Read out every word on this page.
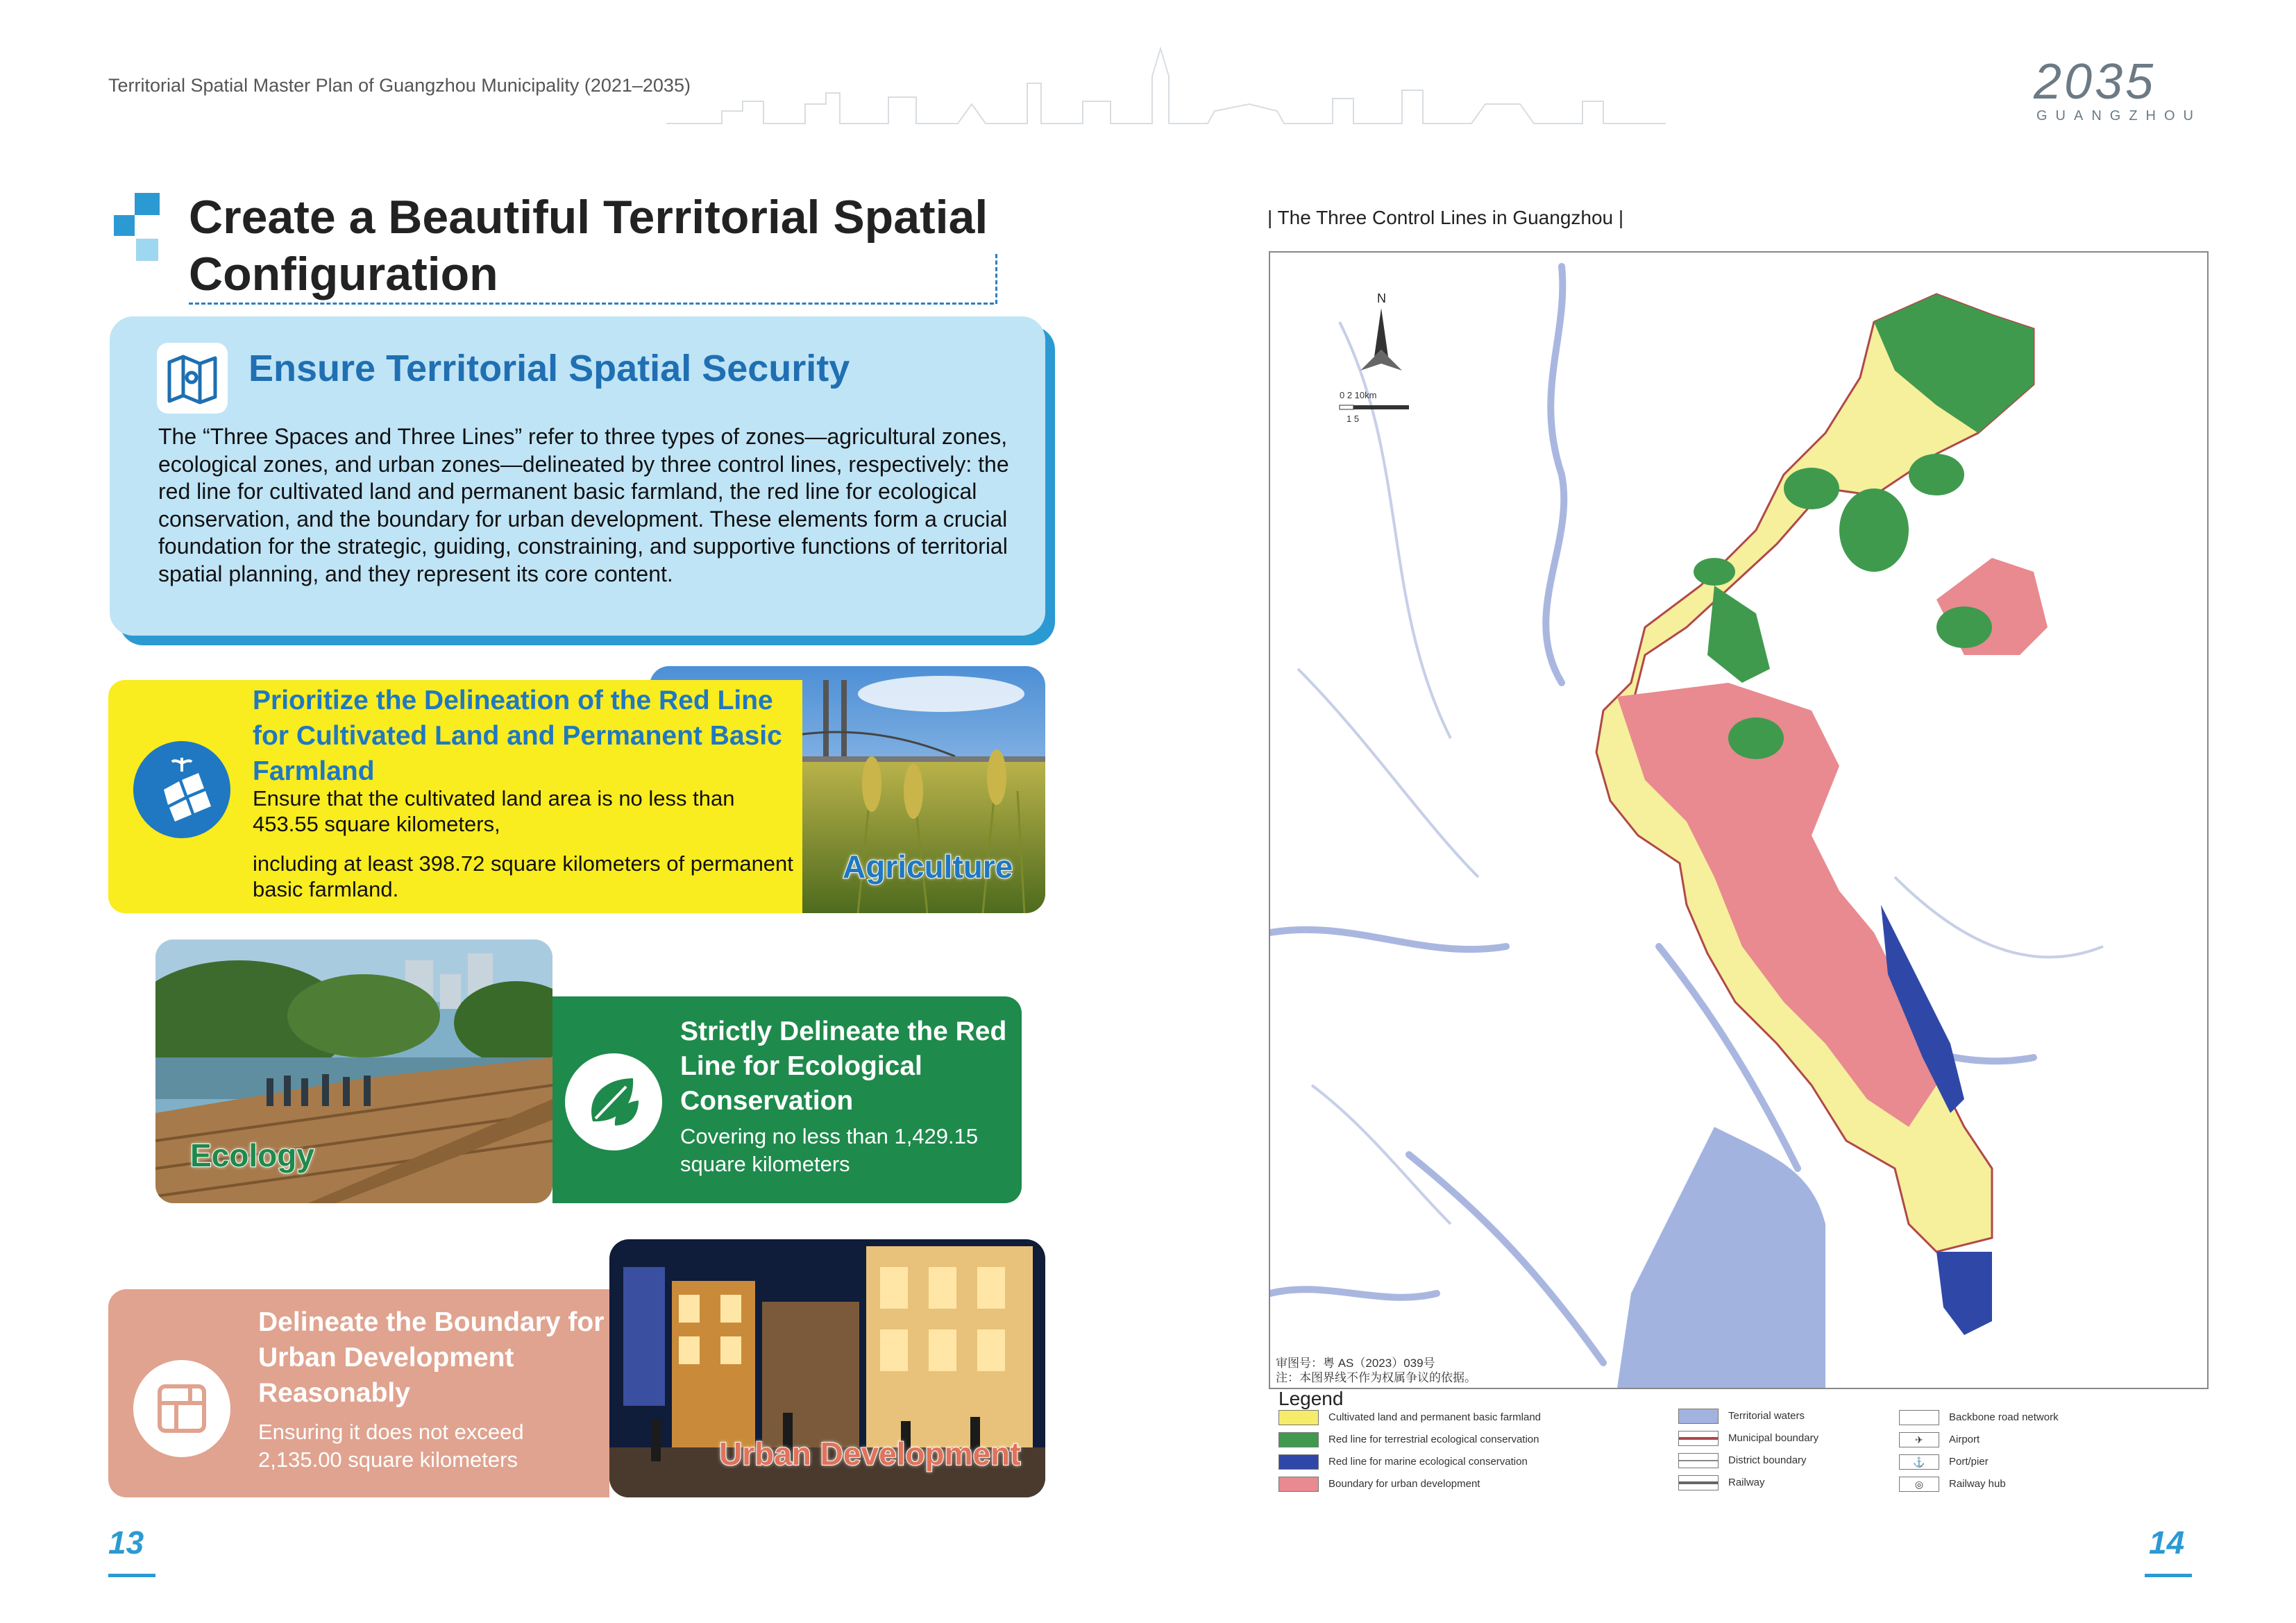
Territorial Spatial Master Plan of Guangzhou Municipality (2021–2035)	2035
GUANGZHOU
Create a Beautiful Territorial Spatial Configuration
Ensure Territorial Spatial Security
The “Three Spaces and Three Lines” refer to three types of zones—agricultural zones, ecological zones, and urban zones—delineated by three control lines, respectively: the red line for cultivated land and permanent basic farmland, the red line for ecological conservation, and the boundary for urban development. These elements form a crucial foundation for the strategic, guiding, constraining, and supportive functions of territorial spatial planning, and they represent its core content.
Prioritize the Delineation of the Red Line for Cultivated Land and Permanent Basic Farmland
Ensure that the cultivated land area is no less than 453.55 square kilometers,
including at least 398.72 square kilometers of permanent basic farmland.
Agriculture
Strictly Delineate the Red Line for Ecological Conservation
Covering no less than 1,429.15 square kilometers
Ecology
Delineate the Boundary for Urban Development Reasonably
Ensuring it does not exceed 2,135.00 square kilometers	Urban Development
13
| The Three Control Lines in Guangzhou |
N
0 2 10km
1 5
审图号：粤 AS（2023）039号
注：本图界线不作为权属争议的依据。
Legend
Cultivated land and permanent basic farmland
Red line for terrestrial ecological conservation
Red line for marine ecological conservation
Boundary for urban development
Territorial waters
Municipal boundary
District boundary
Railway
Backbone road network
✈ Airport
⚓ Port/pier
◎ Railway hub
14
